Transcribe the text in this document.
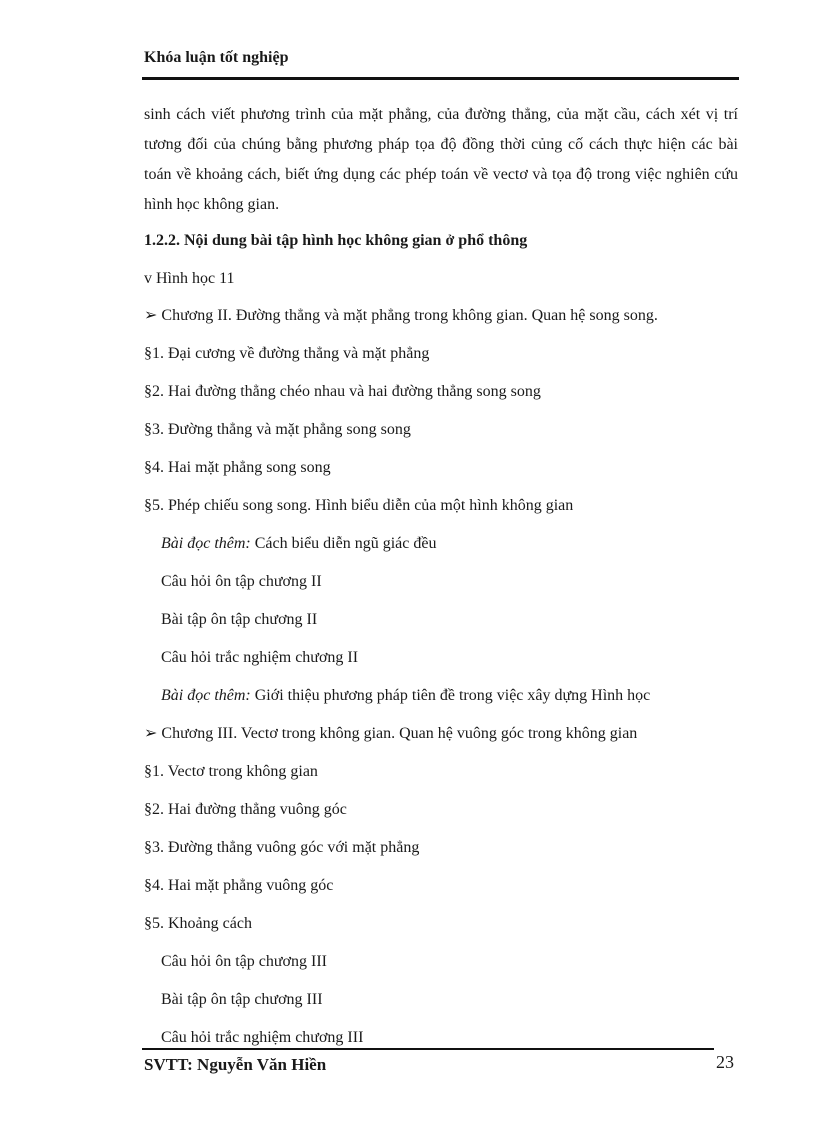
Khóa luận tốt nghiệp
sinh cách viết phương trình của mặt phẳng, của đường thẳng, của mặt cầu, cách xét vị trí tương đối của chúng bằng phương pháp tọa độ đồng thời củng cố cách thực hiện các bài toán về khoảng cách, biết ứng dụng các phép toán về vectơ và tọa độ trong việc nghiên cứu hình học không gian.
1.2.2. Nội dung bài tập hình học không gian ở phổ thông
v Hình học 11
➢ Chương II. Đường thẳng và mặt phẳng trong không gian. Quan hệ song song.
§1. Đại cương về đường thẳng và mặt phẳng
§2. Hai đường thẳng chéo nhau và hai đường thẳng song song
§3. Đường thẳng và mặt phẳng song song
§4. Hai mặt phẳng song song
§5. Phép chiếu song song. Hình biểu diễn của một hình không gian
Bài đọc thêm: Cách biểu diễn ngũ giác đều
Câu hỏi ôn tập chương II
Bài tập ôn tập chương II
Câu hỏi trắc nghiệm chương II
Bài đọc thêm: Giới thiệu phương pháp tiên đề trong việc xây dựng Hình học
➢ Chương III. Vectơ trong không gian. Quan hệ vuông góc trong không gian
§1. Vectơ trong không gian
§2. Hai đường thẳng vuông góc
§3. Đường thẳng vuông góc với mặt phẳng
§4. Hai mặt phẳng vuông góc
§5. Khoảng cách
Câu hỏi ôn tập chương III
Bài tập ôn tập chương III
Câu hỏi trắc nghiệm chương III
SVTT: Nguyễn Văn Hiền	23
